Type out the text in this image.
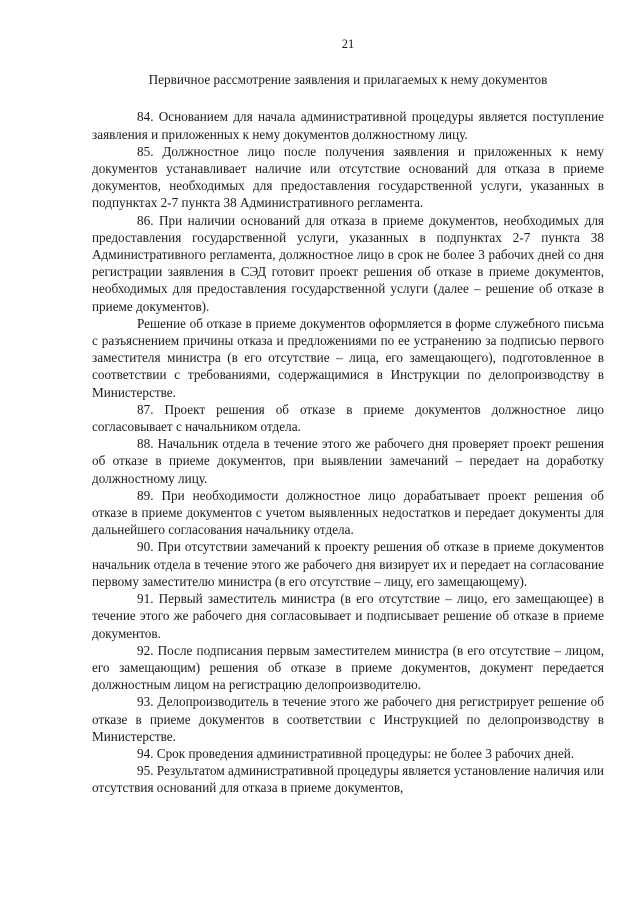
21
Первичное рассмотрение заявления и прилагаемых к нему документов

84. Основанием для начала административной процедуры является поступление заявления и приложенных к нему документов должностному лицу.

85. Должностное лицо после получения заявления и приложенных к нему документов устанавливает наличие или отсутствие оснований для отказа в приеме документов, необходимых для предоставления государственной услуги, указанных в подпунктах 2-7 пункта 38 Административного регламента.

86. При наличии оснований для отказа в приеме документов, необходимых для предоставления государственной услуги, указанных в подпунктах 2-7 пункта 38 Административного регламента, должностное лицо в срок не более 3 рабочих дней со дня регистрации заявления в СЭД готовит проект решения об отказе в приеме документов, необходимых для предоставления государственной услуги (далее – решение об отказе в приеме документов).

Решение об отказе в приеме документов оформляется в форме служебного письма с разъяснением причины отказа и предложениями по ее устранению за подписью первого заместителя министра (в его отсутствие – лица, его замещающего), подготовленное в соответствии с требованиями, содержащимися в Инструкции по делопроизводству в Министерстве.

87. Проект решения об отказе в приеме документов должностное лицо согласовывает с начальником отдела.

88. Начальник отдела в течение этого же рабочего дня проверяет проект решения об отказе в приеме документов, при выявлении замечаний – передает на доработку должностному лицу.

89. При необходимости должностное лицо дорабатывает проект решения об отказе в приеме документов с учетом выявленных недостатков и передает документы для дальнейшего согласования начальнику отдела.

90. При отсутствии замечаний к проекту решения об отказе в приеме документов начальник отдела в течение этого же рабочего дня визирует их и передает на согласование первому заместителю министра (в его отсутствие – лицу, его замещающему).

91. Первый заместитель министра (в его отсутствие – лицо, его замещающее) в течение этого же рабочего дня согласовывает и подписывает решение об отказе в приеме документов.

92. После подписания первым заместителем министра (в его отсутствие – лицом, его замещающим) решения об отказе в приеме документов, документ передается должностным лицом на регистрацию делопроизводителю.

93. Делопроизводитель в течение этого же рабочего дня регистрирует решение об отказе в приеме документов в соответствии с Инструкцией по делопроизводству в Министерстве.

94. Срок проведения административной процедуры: не более 3 рабочих дней.

95. Результатом административной процедуры является установление наличия или отсутствия оснований для отказа в приеме документов,
